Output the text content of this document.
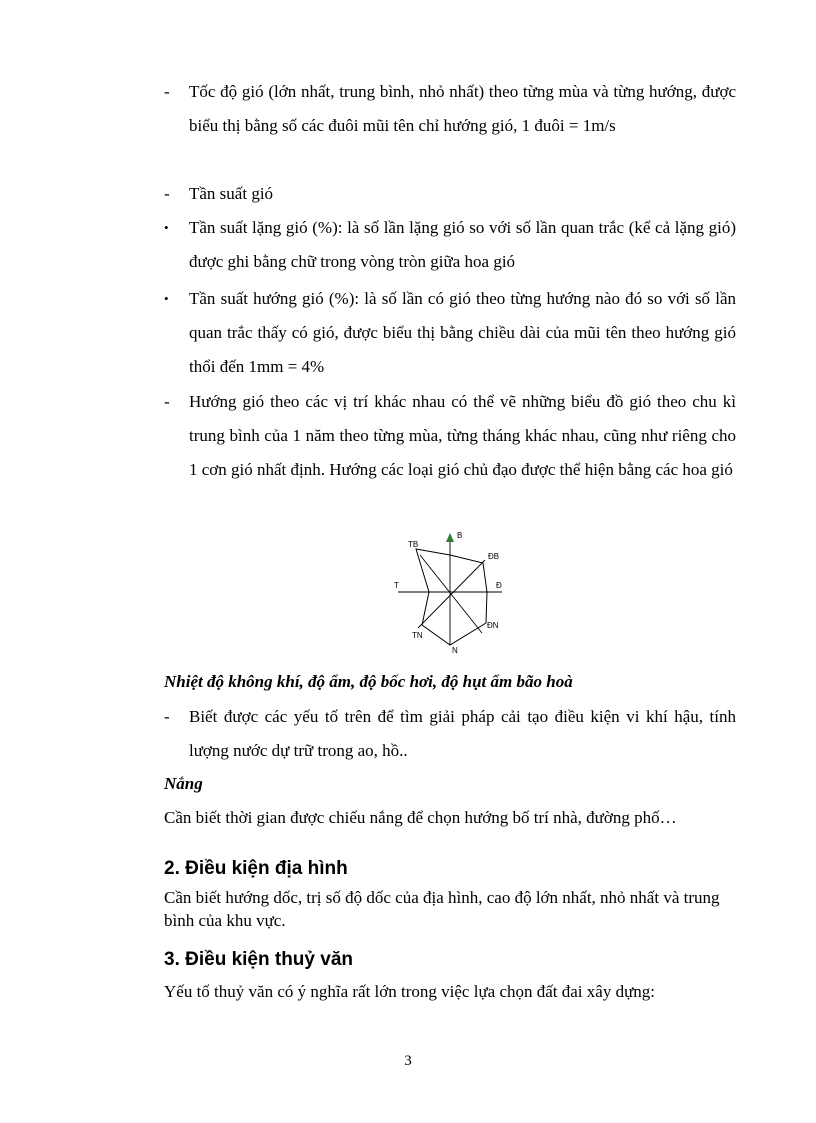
- Tốc độ gió (lớn nhất, trung bình, nhỏ nhất) theo từng mùa và từng hướng, được biểu thị bằng số các đuôi mũi tên chỉ hướng gió, 1 đuôi = 1m/s
- Tần suất gió
• Tần suất lặng gió (%): là số lần lặng gió so với số lần quan trắc (kể cả lặng gió) được ghi bằng chữ trong vòng tròn giữa hoa gió
• Tần suất hướng gió (%): là số lần có gió theo từng hướng nào đó so với số lần quan trắc thấy có gió, được biểu thị bằng chiều dài của mũi tên theo hướng gió thổi đến 1mm = 4%
- Hướng gió theo các vị trí khác nhau có thể vẽ những biểu đồ gió theo chu kì trung bình của 1 năm theo từng mùa, từng tháng khác nhau, cũng như riêng cho 1 cơn gió nhất định. Hướng các loại gió chủ đạo được thể hiện bằng các hoa gió
B
ĐB
Đ
ĐN
N
TN
T
TB
Nhiệt độ không khí, độ ẩm, độ bốc hơi, độ hụt ẩm bão hoà
- Biết được các yếu tố trên để tìm giải pháp cải tạo điều kiện vi khí hậu, tính lượng nước dự trữ trong ao, hồ..
Nắng
Cần biết thời gian được chiếu nắng để chọn hướng bố trí nhà, đường phố…
2. Điều kiện địa hình
Cần biết hướng dốc, trị số độ dốc của địa hình, cao độ lớn nhất, nhỏ nhất và trung bình của khu vực.
3. Điều kiện thuỷ văn
Yếu tố thuỷ văn có ý nghĩa rất lớn trong việc lựa chọn đất đai xây dựng:
3
